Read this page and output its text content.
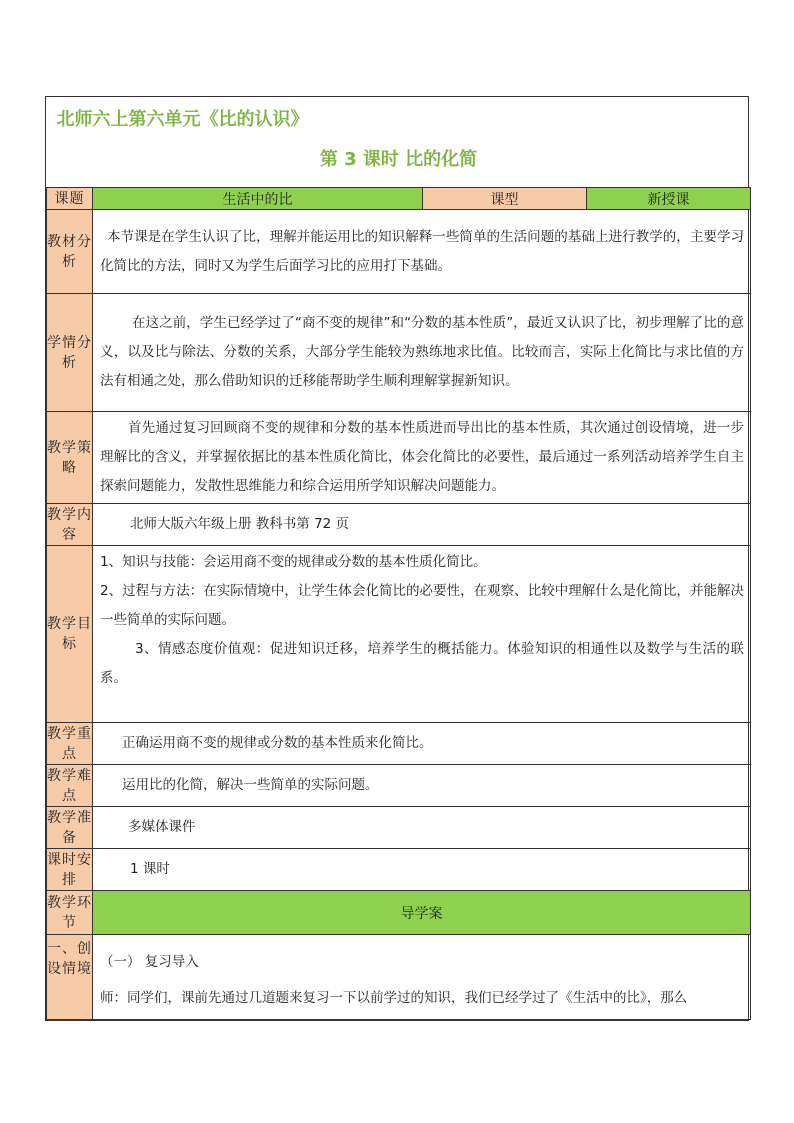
北师六上第六单元《比的认识》
第 3 课时 比的化简			

课题	生活中的比	课型	新授课
教材分析	本节课是在学生认识了比，理解并能运用比的知识解释一些简单的生活问题的基础上进行教学的，主要学习化简比的方法，同时又为学生后面学习比的应用打下基础。		

学情分析	在这之前，学生已经学过了“商不变的规律”和“分数的基本性质”，最近又认识了比，初步理解了比的意义，以及比与除法、分数的关系，大部分学生能较为熟练地求比值。比较而言，实际上化简比与求比值的方法有相通之处，那么借助知识的迁移能帮助学生顺利理解掌握新知识。		

教学策略	首先通过复习回顾商不变的规律和分数的基本性质进而导出比的基本性质，其次通过创设情境，进一步理解比的含义，并掌握依据比的基本性质化简比，体会化简比的必要性，最后通过一系列活动培养学生自主探索问题能力，发散性思维能力和综合运用所学知识解决问题能力。		

教学内容	北师大版六年级上册 教科书第 72 页		

教学目标	1、知识与技能：会运用商不变的规律或分数的基本性质化简比。

2、过程与方法：在实际情境中，让学生体会化简比的必要性，在观察、比较中理解什么是化简比，并能解决一些简单的实际问题。

3、情感态度价值观：促进知识迁移，培养学生的概括能力。体验知识的相通性以及数学与生活的联系。		

教学重点	正确运用商不变的规律或分数的基本性质来化简比。		

教学难点	运用比的化简，解决一些简单的实际问题。		

教学准备	多媒体课件		

课时安排	1 课时		

教学环节	导学案		
一、创设情境	（一） 复习导入

师：同学们，课前先通过几道题来复习一下以前学过的知识，我们已经学过了《生活中的比》，那么		
